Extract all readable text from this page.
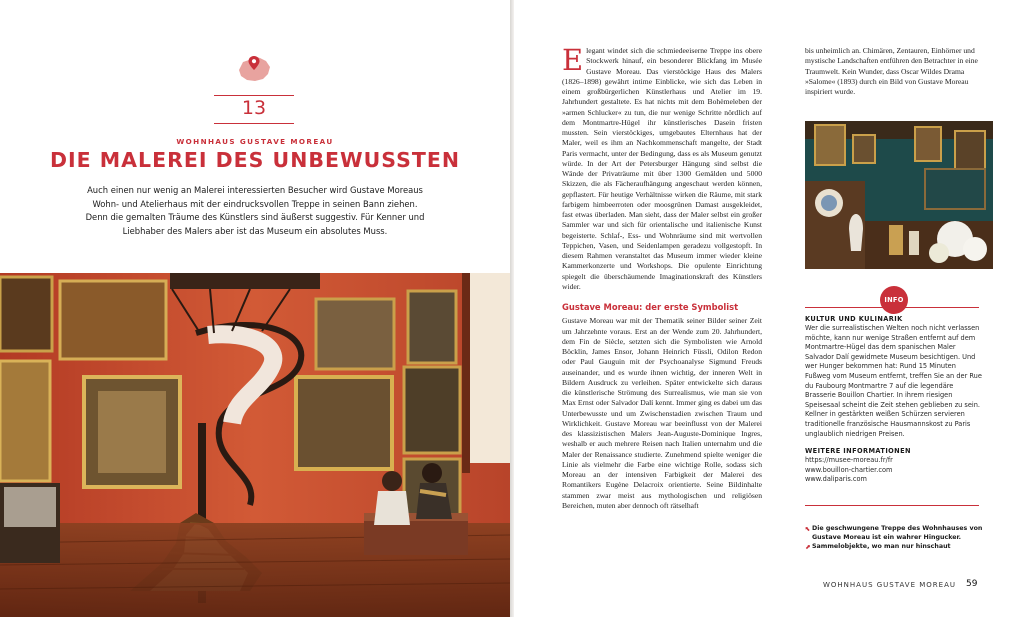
13
WOHNHAUS GUSTAVE MOREAU
DIE MALEREI DES UNBEWUSSTEN

Auch einen nur wenig an Malerei interessierten Besucher wird Gustave Moreaus Wohn- und Atelierhaus mit der eindrucksvollen Treppe in seinen Bann ziehen. Denn die gemalten Träume des Künstlers sind äußerst suggestiv. Für Kenner und Liebhaber des Malers aber ist das Museum ein absolutes Muss.

E legant windet sich die schmiedeeiserne Treppe ins obere Stockwerk hinauf, ein besonderer Blickfang im Musée Gustave Moreau. Das vierstöckige Haus des Malers (1826–1898) gewährt intime Einblicke, wie sich das Leben in einem großbürgerlichen Künstlerhaus und Atelier im 19. Jahrhundert gestaltete. Es hat nichts mit dem Bohèmeleben der »armen Schlucker« zu tun, die nur wenige Schritte nördlich auf dem Montmartre-Hügel ihr künstlerisches Dasein fristen mussten. Sein vierstöckiges, umgebautes Elternhaus hat der Maler, weil es ihm an Nachkommenschaft mangelte, der Stadt Paris vermacht, unter der Bedingung, dass es als Museum genutzt würde. In der Art der Petersburger Hängung sind selbst die Wände der Privaträume mit über 1300 Gemälden und 5000 Skizzen, die als Fächeraufhängung angeschaut werden können, gepflastert. Für heutige Verhältnisse wirken die Räume, mit stark farbigem himbeerroten oder moosgrünen Damast ausgekleidet, fast etwas überladen. Man sieht, dass der Maler selbst ein großer Sammler war und sich für orientalische und italienische Kunst begeisterte. Schlaf-, Ess- und Wohnräume sind mit wertvollen Teppichen, Vasen, und Seidenlampen geradezu vollgestopft. In diesem Rahmen veranstaltet das Museum immer wieder kleine Kammerkonzerte und Workshops. Die opulente Einrichtung spiegelt die überschäumende Imaginationskraft des Künstlers wider.
Gustave Moreau: der erste Symbolist
Gustave Moreau war mit der Thematik seiner Bilder seiner Zeit um Jahrzehnte voraus. Erst an der Wende zum 20. Jahrhundert, dem Fin de Siècle, setzten sich die Symbolisten wie Arnold Böcklin, James Ensor, Johann Heinrich Füssli, Odilon Redon oder Paul Gauguin mit der Psychoanalyse Sigmund Freuds auseinander, und es wurde ihnen wichtig, der inneren Welt in Bildern Ausdruck zu verleihen. Später entwickelte sich daraus die künstlerische Strömung des Surrealismus, wie man sie von Max Ernst oder Salvador Dalí kennt. Immer ging es dabei um das Unterbewusste und um Zwischenstadien zwischen Traum und Wirklichkeit. Gustave Moreau war beeinflusst von der Malerei des klassizistischen Malers Jean-Auguste-Dominique Ingres, weshalb er auch mehrere Reisen nach Italien unternahm und die Maler der Renaissance studierte. Zunehmend spielte weniger die Linie als vielmehr die Farbe eine wichtige Rolle, sodass sich Moreau an der intensiven Farbigkeit der Malerei des Romantikers Eugène Delacroix orientierte. Seine Bildinhalte stammen zwar meist aus mythologischen und religiösen Bereichen, muten aber dennoch oft rätselhaft
bis unheimlich an. Chimären, Zentauren, Einhörner und mystische Landschaften entführen den Betrachter in eine Traumwelt. Kein Wunder, dass Oscar Wildes Drama »Salome« (1893) durch ein Bild von Gustave Moreau inspiriert wurde.
INFO
KULTUR UND KULINARIK
Wer die surrealistischen Welten noch nicht verlassen möchte, kann nur wenige Straßen entfernt auf dem Montmartre-Hügel das dem spanischen Maler Salvador Dalí gewidmete Museum besichtigen. Und wer Hunger bekommen hat: Rund 15 Minuten Fußweg vom Museum entfernt, treffen Sie an der Rue du Faubourg Montmartre 7 auf die legendäre Brasserie Bouillon Chartier. In ihrem riesigen Speisesaal scheint die Zeit stehen geblieben zu sein. Kellner in gestärkten weißen Schürzen servieren traditionelle französische Hausmannskost zu Paris unglaublich niedrigen Preisen.
WEITERE INFORMATIONEN
https://musee-moreau.fr/fr
www.bouillon-chartier.com
www.daliparis.com
⬉ Die geschwungene Treppe des Wohnhauses von Gustave Moreau ist ein wahrer Hingucker.
⬈ Sammelobjekte, wo man nur hinschaut
WOHNHAUS GUSTAVE MOREAU	59
